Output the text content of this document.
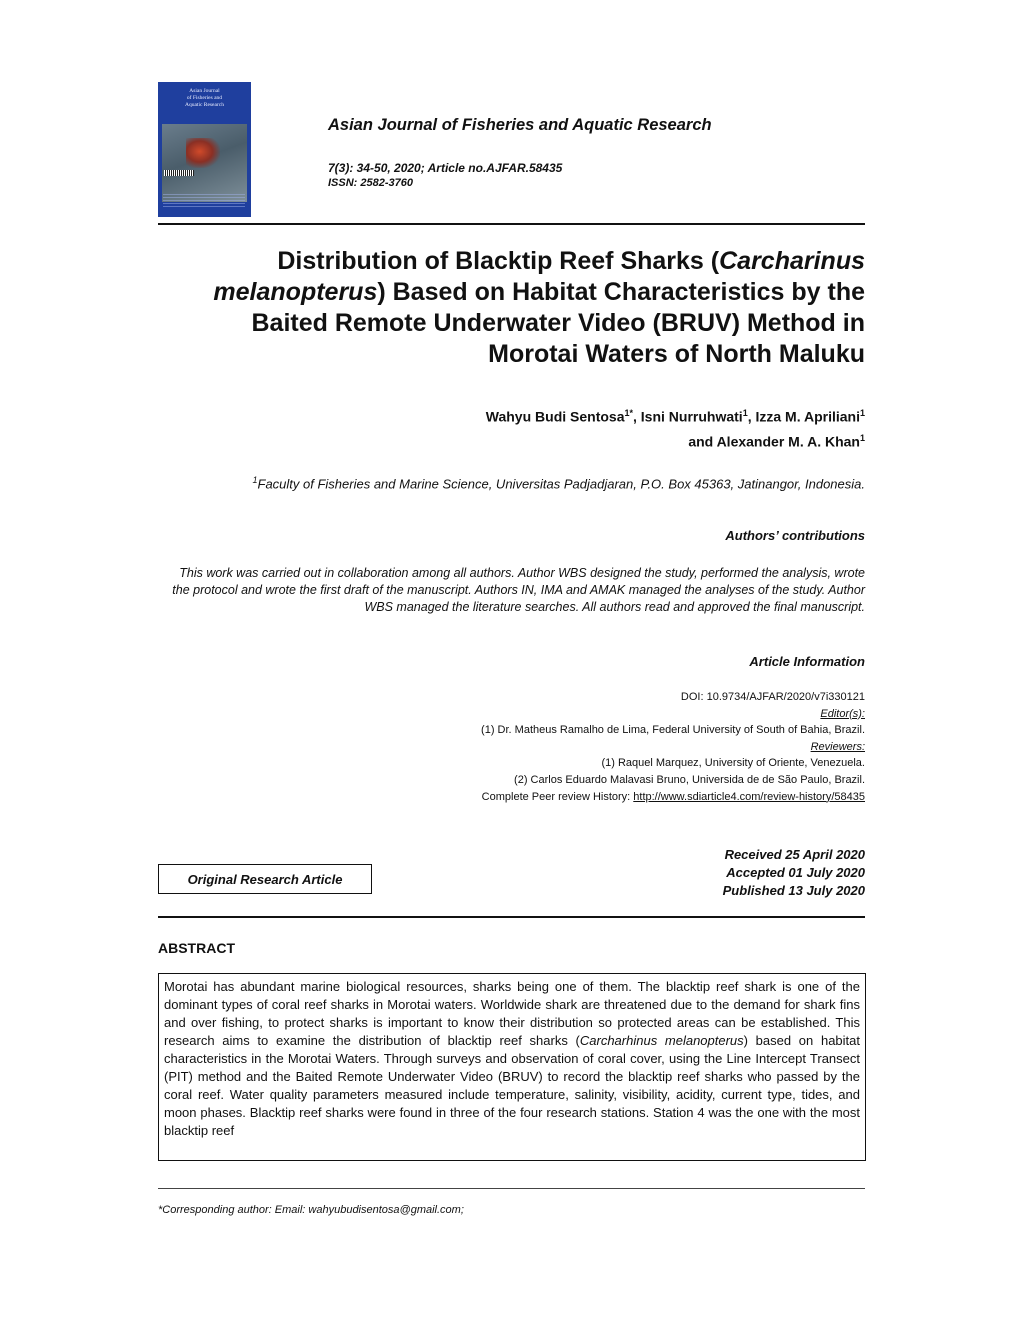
Asian Journal
of Fisheries and
Aquatic Research
Asian Journal of Fisheries and Aquatic Research
7(3): 34-50, 2020; Article no.AJFAR.58435
ISSN: 2582-3760
Distribution of Blacktip Reef Sharks (Carcharinus melanopterus) Based on Habitat Characteristics by the Baited Remote Underwater Video (BRUV) Method in Morotai Waters of North Maluku
Wahyu Budi Sentosa$^{1*}$, Isni Nurruhwati$^1$, Izza M. Apriliani$^1$
and Alexander M. A. Khan$^1$
$^1$Faculty of Fisheries and Marine Science, Universitas Padjadjaran, P.O. Box 45363, Jatinangor, Indonesia.
Authors’ contributions
This work was carried out in collaboration among all authors. Author WBS designed the study, performed the analysis, wrote the protocol and wrote the first draft of the manuscript. Authors IN, IMA and AMAK managed the analyses of the study. Author WBS managed the literature searches. All authors read and approved the final manuscript.
Article Information
DOI: 10.9734/AJFAR/2020/v7i330121
Editor(s):
(1) Dr. Matheus Ramalho de Lima, Federal University of South of Bahia, Brazil.
Reviewers:
(1) Raquel Marquez, University of Oriente, Venezuela.
(2) Carlos Eduardo Malavasi Bruno, Universida de de São Paulo, Brazil.
Complete Peer review History: http://www.sdiarticle4.com/review-history/58435
Received 25 April 2020
Accepted 01 July 2020
Published 13 July 2020
Original Research Article
ABSTRACT

Morotai has abundant marine biological resources, sharks being one of them. The blacktip reef shark is one of the dominant types of coral reef sharks in Morotai waters. Worldwide shark are threatened due to the demand for shark fins and over fishing, to protect sharks is important to know their distribution so protected areas can be established. This research aims to examine the distribution of blacktip reef sharks (Carcharhinus melanopterus) based on habitat characteristics in the Morotai Waters. Through surveys and observation of coral cover, using the Line Intercept Transect (PIT) method and the Baited Remote Underwater Video (BRUV) to record the blacktip reef sharks who passed by the coral reef. Water quality parameters measured include temperature, salinity, visibility, acidity, current type, tides, and moon phases. Blacktip reef sharks were found in three of the four research stations. Station 4 was the one with the most blacktip reef

*Corresponding author: Email: wahyubudisentosa@gmail.com;
